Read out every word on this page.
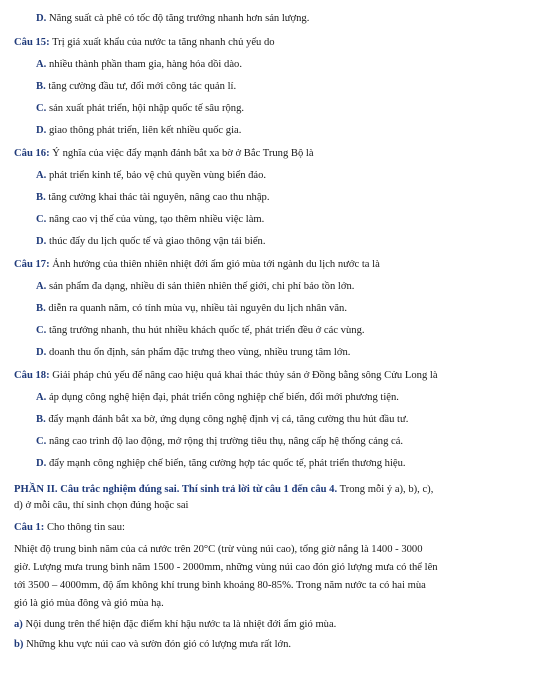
D. Năng suất cà phê có tốc độ tăng trưởng nhanh hơn sản lượng.
Câu 15: Trị giá xuất khẩu của nước ta tăng nhanh chủ yếu do
A. nhiều thành phần tham gia, hàng hóa dồi dào.
B. tăng cường đầu tư, đổi mới công tác quản lí.
C. sản xuất phát triển, hội nhập quốc tế sâu rộng.
D. giao thông phát triển, liên kết nhiều quốc gia.
Câu 16: Ý nghĩa của việc đẩy mạnh đánh bắt xa bờ ở Bắc Trung Bộ là
A. phát triển kinh tế, bảo vệ chủ quyền vùng biển đảo.
B. tăng cường khai thác tài nguyên, nâng cao thu nhập.
C. nâng cao vị thế của vùng, tạo thêm nhiều việc làm.
D. thúc đẩy du lịch quốc tế và giao thông vận tải biển.
Câu 17: Ảnh hưởng của thiên nhiên nhiệt đới ẩm gió mùa tới ngành du lịch nước ta là
A. sản phẩm đa dạng, nhiều di sản thiên nhiên thế giới, chi phí bảo tồn lớn.
B. diễn ra quanh năm, có tính mùa vụ, nhiều tài nguyên du lịch nhân văn.
C. tăng trưởng nhanh, thu hút nhiều khách quốc tế, phát triển đều ở các vùng.
D. doanh thu ổn định, sản phẩm đặc trưng theo vùng, nhiều trung tâm lớn.
Câu 18: Giải pháp chủ yếu để nâng cao hiệu quả khai thác thủy sản ở Đồng bằng sông Cửu Long là
A. áp dụng công nghệ hiện đại, phát triển công nghiệp chế biến, đổi mới phương tiện.
B. đẩy mạnh đánh bắt xa bờ, ứng dụng công nghệ định vị cá, tăng cường thu hút đầu tư.
C. nâng cao trình độ lao động, mở rộng thị trường tiêu thụ, nâng cấp hệ thống cảng cá.
D. đẩy mạnh công nghiệp chế biến, tăng cường hợp tác quốc tế, phát triển thương hiệu.
PHẦN II. Câu trắc nghiệm đúng sai. Thí sinh trả lời từ câu 1 đến câu 4. Trong mỗi ý a), b), c),
d) ở mỗi câu, thí sinh chọn đúng hoặc sai
Câu 1: Cho thông tin sau:
Nhiệt độ trung bình năm của cả nước trên 20°C (trừ vùng núi cao), tổng giờ nắng là 1400 - 3000
giờ. Lượng mưa trung bình năm 1500 - 2000mm, những vùng núi cao đón gió lượng mưa có thể lên
tới 3500 – 4000mm, độ ẩm không khí trung bình khoảng 80-85%. Trong năm nước ta có hai mùa
gió là gió mùa đông và gió mùa hạ.
a) Nội dung trên thể hiện đặc điểm khí hậu nước ta là nhiệt đới ẩm gió mùa.
b) Những khu vực núi cao và sườn đón gió có lượng mưa rất lớn.
